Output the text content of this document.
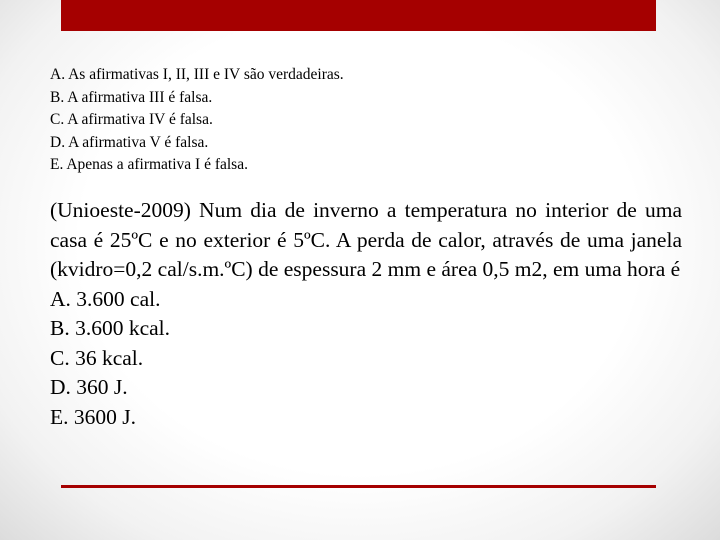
A. As afirmativas I, II, III e IV são verdadeiras.
B. A afirmativa III é falsa.
C. A afirmativa IV é falsa.
D. A afirmativa V é falsa.
E. Apenas a afirmativa I é falsa.
(Unioeste-2009) Num dia de inverno a temperatura no interior de uma casa é 25ºC e no exterior é 5ºC. A perda de calor, através de uma janela (kvidro=0,2 cal/s.m.ºC) de espessura 2 mm e área 0,5 m2, em uma hora é
A. 3.600 cal.
B. 3.600 kcal.
C. 36 kcal.
D. 360 J.
E. 3600 J.
